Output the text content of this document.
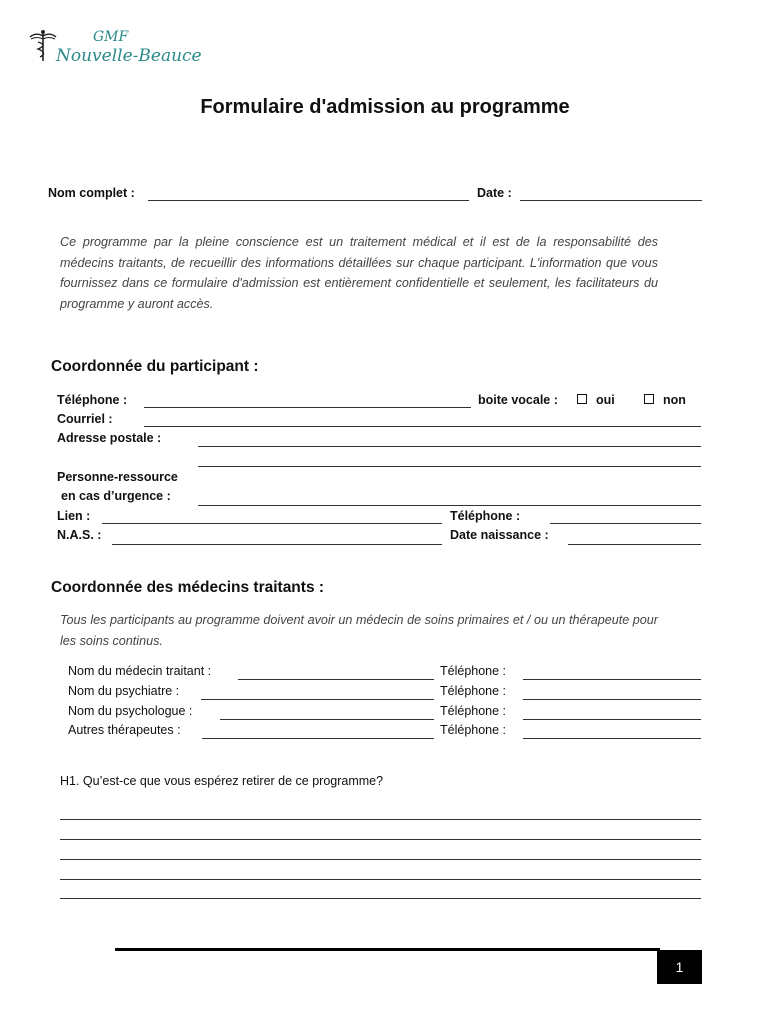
GMF
Nouvelle-Beauce
Formulaire d'admission au programme
Nom complet :	Date :
Ce programme par la pleine conscience est un traitement médical et il est de la responsabilité des médecins traitants, de recueillir des informations détaillées sur chaque participant. L'information que vous fournissez dans ce formulaire d'admission est entièrement confidentielle et seulement, les facilitateurs du programme y auront accès.
Coordonnée du participant :
Téléphone :	boite vocale :	oui	non
Courriel :
Adresse postale :
Personne-ressource
en cas d’urgence :
Lien :	Téléphone :
N.A.S. :	Date naissance :
Coordonnée des médecins traitants :
Tous les participants au programme doivent avoir un médecin de soins primaires et / ou un thérapeute pour les soins continus.
Nom du médecin traitant :	Téléphone :
Nom du psychiatre :	Téléphone :
Nom du psychologue :	Téléphone :
Autres thérapeutes :	Téléphone :
H1. Qu’est-ce que vous espérez retirer de ce programme?
1
